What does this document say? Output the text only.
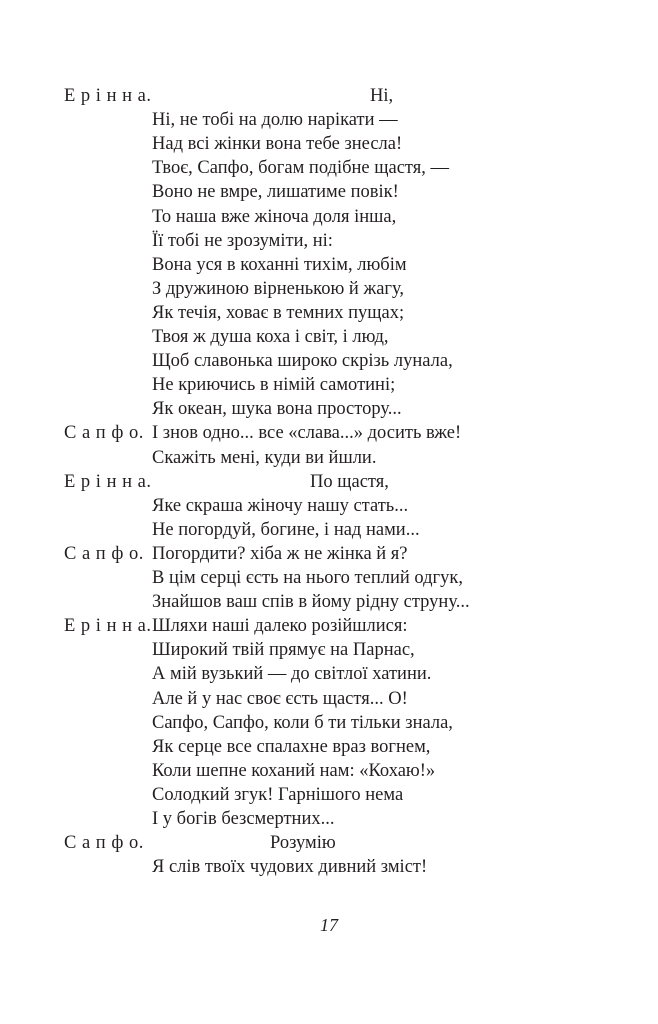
Е р і н н а.	Ні,
Ні, не тобі на долю нарікати —
Над всі жінки вона тебе знесла!
Твоє, Сапфо, богам подібне щастя, —
Воно не вмре, лишатиме повік!
То наша вже жіноча доля інша,
Її тобі не зрозуміти, ні:
Вона уся в коханні тихім, любім
З дружиною вірненькою й жагу,
Як течія, ховає в темних пущах;
Твоя ж душа коха і світ, і люд,
Щоб славонька широко скрізь лунала,
Не криючись в німій самотині;
Як океан, шука вона простору...
С а п ф о. І знов одно... все «слава...» досить вже!
Скажіть мені, куди ви йшли.
Е р і н н а.	По щастя,
Яке скраша жіночу нашу стать...
Не погордуй, богине, і над нами...
С а п ф о. Погордити? хіба ж не жінка й я?
В цім серці єсть на нього теплий одгук,
Знайшов ваш спів в йому рідну струну...
Е р і н н а. Шляхи наші далеко розійшлися:
Широкий твій прямує на Парнас,
А мій вузький — до світлої хатини.
Але й у нас своє єсть щастя... О!
Сапфо, Сапфо, коли б ти тільки знала,
Як серце все спалахне враз вогнем,
Коли шепне коханий нам: «Кохаю!»
Солодкий згук! Гарнішого нема
І у богів безсмертних...
С а п ф о.	Розумію
Я слів твоїх чудових дивний зміст!
17
